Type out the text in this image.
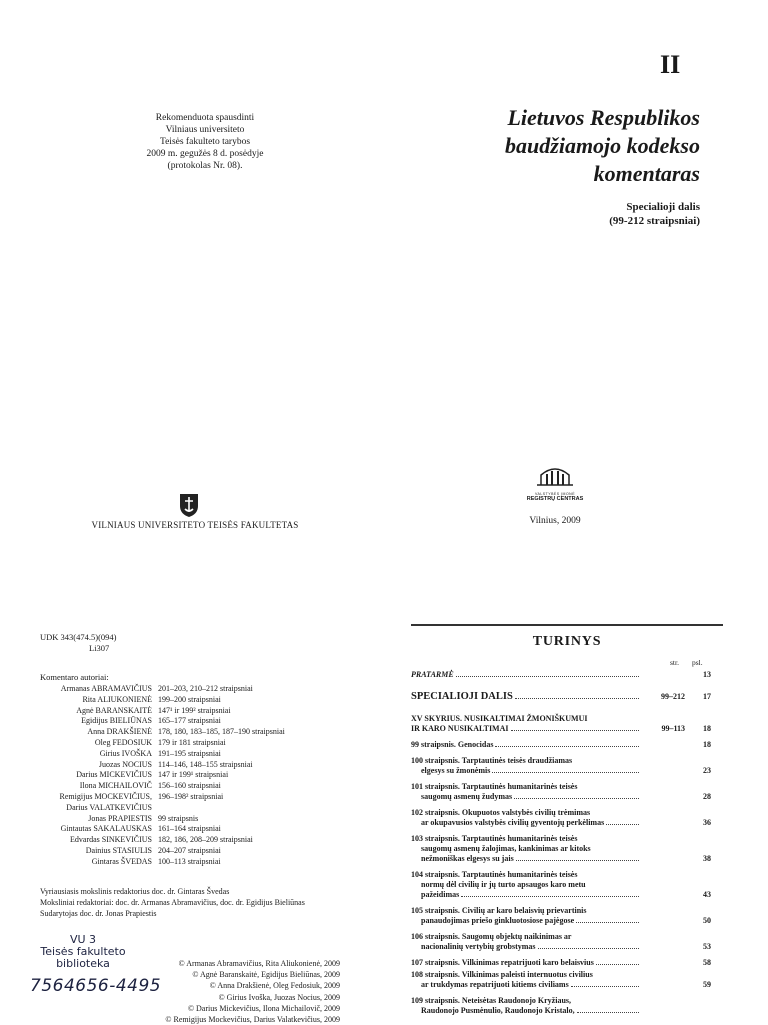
II
Rekomenduota spausdinti
Vilniaus universiteto
Teisės fakulteto tarybos
2009 m. gegužės 8 d. posėdyje
(protokolas Nr. 08).
Lietuvos Respublikos
baudžiamojo kodekso
komentaras
Specialioji dalis
(99-212 straipsniai)
VILNIAUS UNIVERSITETO TEISĖS FAKULTETAS
VALSTYBĖS ĮMONĖ
REGISTRŲ CENTRAS
Vilnius, 2009
UDK 343(474.5)(094)
Li307
Komentaro autoriai:
Armanas ABRAMAVIČIUS 201–203, 210–212 straipsniai
Rita ALIUKONIENĖ 199–200 straipsniai
Agnė BARANSKAITĖ 147¹ ir 199² straipsniai
Egidijus BIELIŪNAS 165–177 straipsniai
Anna DRAKŠIENĖ 178, 180, 183–185, 187–190 straipsniai
Oleg FEDOSIUK 179 ir 181 straipsniai
Girius IVOŠKA 191–195 straipsniai
Juozas NOCIUS 114–146, 148–155 straipsniai
Darius MICKEVIČIUS 147 ir 199¹ straipsniai
Ilona MICHAILOVIČ 156–160 straipsniai
Remigijus MOCKEVIČIUS, 196–198² straipsniai
Darius VALATKEVIČIUS
Jonas PRAPIESTIS 99 straipsnis
Gintautas SAKALAUSKAS 161–164 straipsniai
Edvardas SINKEVIČIUS 182, 186, 208–209 straipsniai
Dainius STASIULIS 204–207 straipsniai
Gintaras ŠVEDAS 100–113 straipsniai
Vyriausiasis mokslinis redaktorius doc. dr. Gintaras Švedas
Moksliniai redaktoriai: doc. dr. Armanas Abramavičius, doc. dr. Egidijus Bieliūnas
Sudarytojas doc. dr. Jonas Prapiestis
VU 3
Teisės fakulteto
biblioteka
7564656-4495
© Armanas Abramavičius, Rita Aliukonienė, 2009
© Agnė Baranskaitė, Egidijus Bieliūnas, 2009
© Anna Drakšienė, Oleg Fedosiuk, 2009
© Girius Ivoška, Juozas Nocius, 2009
© Darius Mickevičius, Ilona Michailovič, 2009
© Remigijus Mockevičius, Darius Valatkevičius, 2009
TURINYS
str. psl.
PRATARMĖ	13
SPECIALIOJI DALIS	99–212	17
XV SKYRIUS. NUSIKALTIMAI ŽMONIŠKUMUI
IR KARO NUSIKALTIMAI	99–113	18
99 straipsnis. Genocidas	18
100 straipsnis. Tarptautinės teisės draudžiamas
elgesys su žmonėmis	23
101 straipsnis. Tarptautinės humanitarinės teisės
saugomų asmenų žudymas	28
102 straipsnis. Okupuotos valstybės civilių trėmimas
ar okupavusios valstybės civilių gyventojų perkėlimas	36
103 straipsnis. Tarptautinės humanitarinės teisės
saugomų asmenų žalojimas, kankinimas ar kitoks
nežmoniškas elgesys su jais	38
104 straipsnis. Tarptautinės humanitarinės teisės
normų dėl civilių ir jų turto apsaugos karo metu
pažeidimas	43
105 straipsnis. Civilių ar karo belaisvių prievartinis
panaudojimas priešo ginkluotosiose pajėgose	50
106 straipsnis. Saugomų objektų naikinimas ar
nacionalinių vertybių grobstymas	53
107 straipsnis. Vilkinimas repatrijuoti karo belaisvius	58
108 straipsnis. Vilkinimas paleisti internuotus civilius
ar trukdymas repatrijuoti kitiems civiliams	59
109 straipsnis. Neteisėtas Raudonojo Kryžiaus,
Raudonojo Pusmėnulio, Raudonojo Kristalo,
